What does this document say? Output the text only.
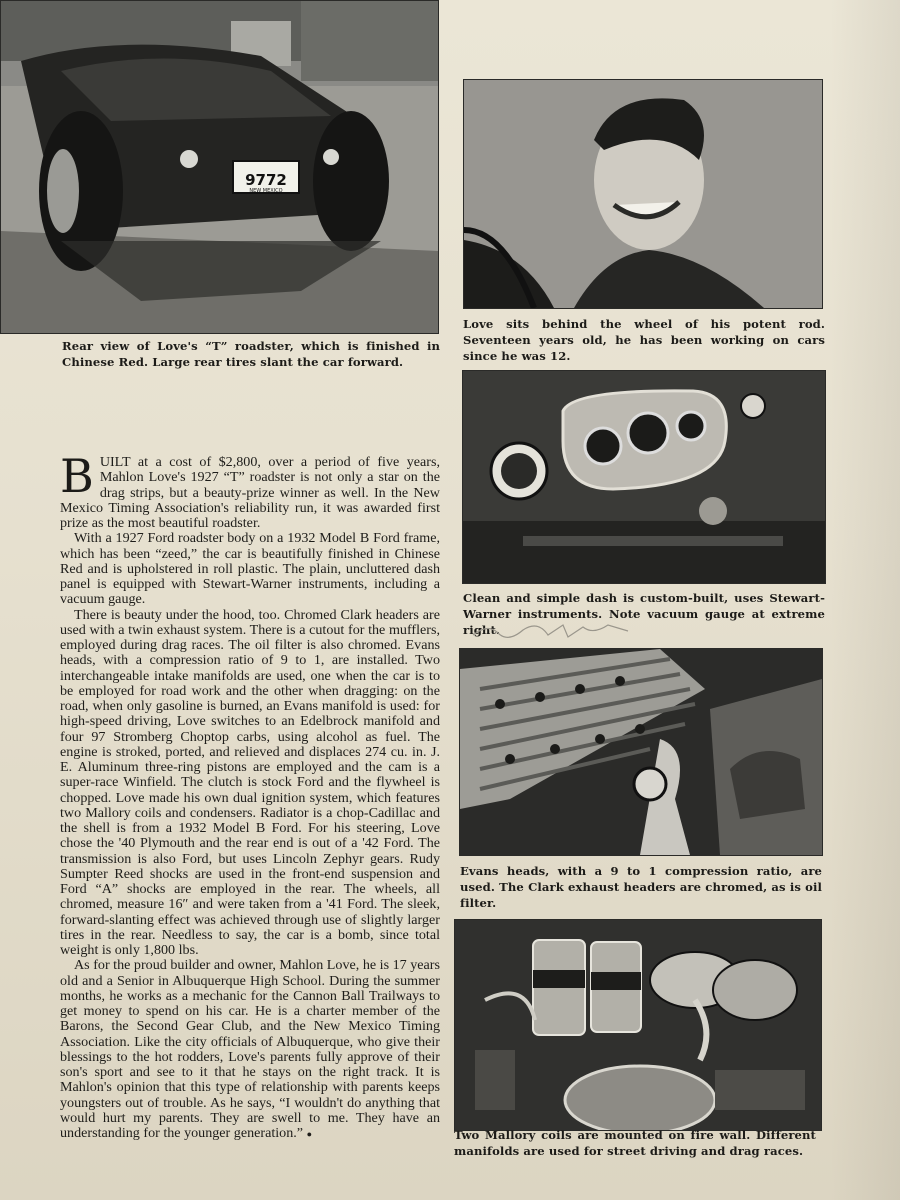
9772
NEW MEXICO

Rear view of Love's “T” roadster, which is finished in Chinese Red. Large rear tires slant the car forward.

Love sits behind the wheel of his potent rod. Seventeen years old, he has been working on cars since he was 12.

Clean and simple dash is custom-built, uses Stewart-Warner instruments. Note vacuum gauge at extreme right.

Evans heads, with a 9 to 1 compression ratio, are used. The Clark exhaust headers are chromed, as is oil filter.

Two Mallory coils are mounted on fire wall. Different manifolds are used for street driving and drag races.

BUILT at a cost of $2,800, over a period of five years, Mahlon Love's 1927 “T” roadster is not only a star on the drag strips, but a beauty-prize winner as well. In the New Mexico Timing Association's reliability run, it was awarded first prize as the most beautiful roadster.

With a 1927 Ford roadster body on a 1932 Model B Ford frame, which has been “zeed,” the car is beautifully finished in Chinese Red and is upholstered in roll plastic. The plain, uncluttered dash panel is equipped with Stewart-Warner instruments, including a vacuum gauge.

There is beauty under the hood, too. Chromed Clark headers are used with a twin exhaust system. There is a cutout for the mufflers, employed during drag races. The oil filter is also chromed. Evans heads, with a compression ratio of 9 to 1, are installed. Two interchangeable intake manifolds are used, one when the car is to be employed for road work and the other when dragging: on the road, when only gasoline is burned, an Evans manifold is used: for high-speed driving, Love switches to an Edelbrock manifold and four 97 Stromberg Choptop carbs, using alcohol as fuel. The engine is stroked, ported, and relieved and displaces 274 cu. in. J. E. Aluminum three-ring pistons are employed and the cam is a super-race Winfield. The clutch is stock Ford and the flywheel is chopped. Love made his own dual ignition system, which features two Mallory coils and condensers. Radiator is a chop-Cadillac and the shell is from a 1932 Model B Ford. For his steering, Love chose the '40 Plymouth and the rear end is out of a '42 Ford. The transmission is also Ford, but uses Lincoln Zephyr gears. Rudy Sumpter Reed shocks are used in the front-end suspension and Ford “A” shocks are employed in the rear. The wheels, all chromed, measure 16″ and were taken from a '41 Ford. The sleek, forward-slanting effect was achieved through use of slightly larger tires in the rear. Needless to say, the car is a bomb, since total weight is only 1,800 lbs.

As for the proud builder and owner, Mahlon Love, he is 17 years old and a Senior in Albuquerque High School. During the summer months, he works as a mechanic for the Cannon Ball Trailways to get money to spend on his car. He is a charter member of the Barons, the Second Gear Club, and the New Mexico Timing Association. Like the city officials of Albuquerque, who give their blessings to the hot rodders, Love's parents fully approve of their son's sport and see to it that he stays on the right track. It is Mahlon's opinion that this type of relationship with parents keeps youngsters out of trouble. As he says, “I wouldn't do anything that would hurt my parents. They are swell to me. They have an understanding for the younger generation.” ●
